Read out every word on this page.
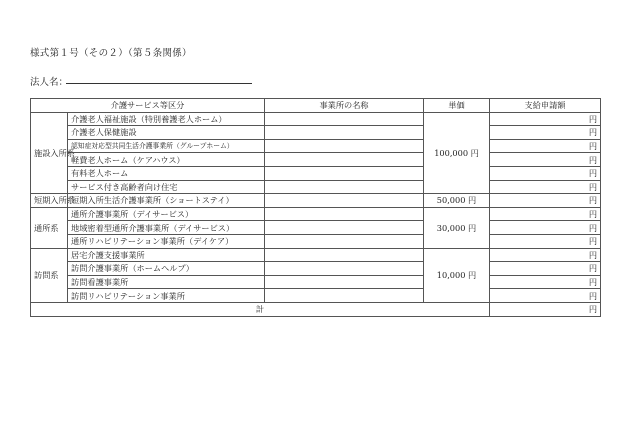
様式第１号（その２）（第５条関係）
法人名：
介護サービス等区分		事業所の名称	単価	支給申請額
施設入所系	介護老人福祉施設（特別養護老人ホーム）		100,000 円	円
	介護老人保健施設			円
	認知症対応型共同生活介護事業所（グループホーム）			円
	軽費老人ホーム（ケアハウス）			円
	有料老人ホーム			円
	サービス付き高齢者向け住宅			円
短期入所系	短期入所生活介護事業所（ショートステイ）		50,000 円	円
通所系	通所介護事業所（デイサービス）		30,000 円	円
	地域密着型通所介護事業所（デイサービス）			円
	通所リハビリテーション事業所（デイケア）			円
訪問系	居宅介護支援事業所		10,000 円	円
	訪問介護事業所（ホームヘルプ）			円
	訪問看護事業所			円
	訪問リハビリテーション事業所			円
計				円
